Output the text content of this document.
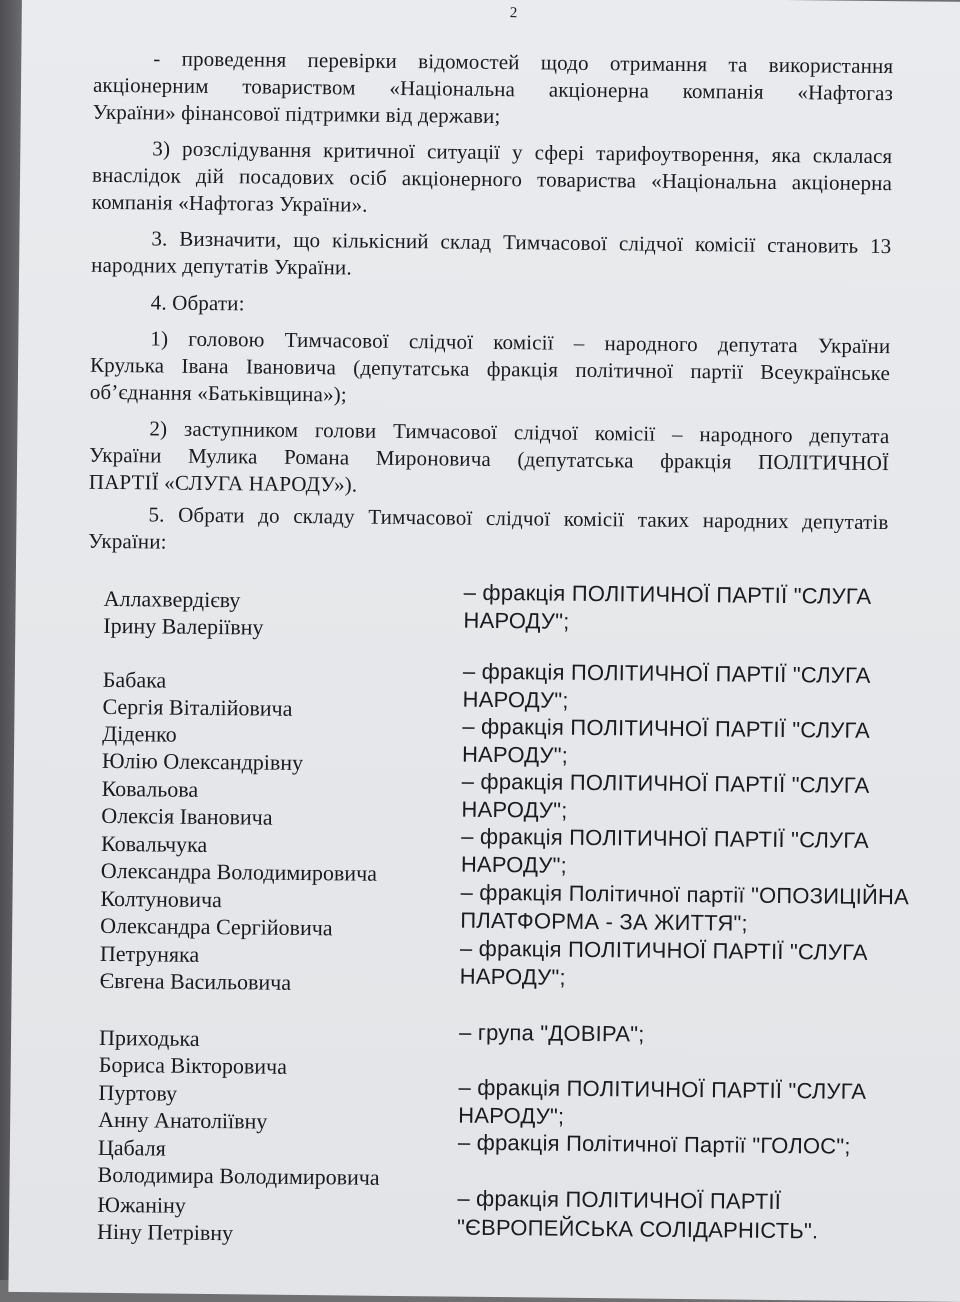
2
- проведення перевірки відомостей щодо отримання та використання
акціонерним товариством «Національна акціонерна компанія «Нафтогаз
України» фінансової підтримки від держави;
3) розслідування критичної ситуації у сфері тарифоутворення, яка склалася
внаслідок дій посадових осіб акціонерного товариства «Національна акціонерна
компанія «Нафтогаз України».
3. Визначити, що кількісний склад Тимчасової слідчої комісії становить 13
народних депутатів України.
4. Обрати:
1) головою Тимчасової слідчої комісії – народного депутата України
Крулька Івана Івановича (депутатська фракція політичної партії Всеукраїнське
об’єднання «Батьківщина»);
2) заступником голови Тимчасової слідчої комісії – народного депутата
України Мулика Романа Мироновича (депутатська фракція ПОЛІТИЧНОЇ
ПАРТІЇ «СЛУГА НАРОДУ»).
5. Обрати до складу Тимчасової слідчої комісії таких народних депутатів
України:
Аллахвердієву
Ірину Валеріївну
– фракція ПОЛІТИЧНОЇ ПАРТІЇ "СЛУГА
НАРОДУ";
Бабака
Сергія Віталійовича
– фракція ПОЛІТИЧНОЇ ПАРТІЇ "СЛУГА
НАРОДУ";
Діденко
Юлію Олександрівну
– фракція ПОЛІТИЧНОЇ ПАРТІЇ "СЛУГА
НАРОДУ";
Ковальова
Олексія Івановича
– фракція ПОЛІТИЧНОЇ ПАРТІЇ "СЛУГА
НАРОДУ";
Ковальчука
Олександра Володимировича
– фракція ПОЛІТИЧНОЇ ПАРТІЇ "СЛУГА
НАРОДУ";
Колтуновича
Олександра Сергійовича
– фракція Політичної партії "ОПОЗИЦІЙНА
ПЛАТФОРМА - ЗА ЖИТТЯ";
Петруняка
Євгена Васильовича
– фракція ПОЛІТИЧНОЇ ПАРТІЇ "СЛУГА
НАРОДУ";
Приходька
Бориса Вікторовича
– група "ДОВІРА";
Пуртову
Анну Анатоліївну
– фракція ПОЛІТИЧНОЇ ПАРТІЇ "СЛУГА
НАРОДУ";
Цабаля
Володимира Володимировича
– фракція Політичної Партії "ГОЛОС";
Южаніну
Ніну Петрівну
– фракція ПОЛІТИЧНОЇ ПАРТІЇ
"ЄВРОПЕЙСЬКА СОЛІДАРНІСТЬ".
